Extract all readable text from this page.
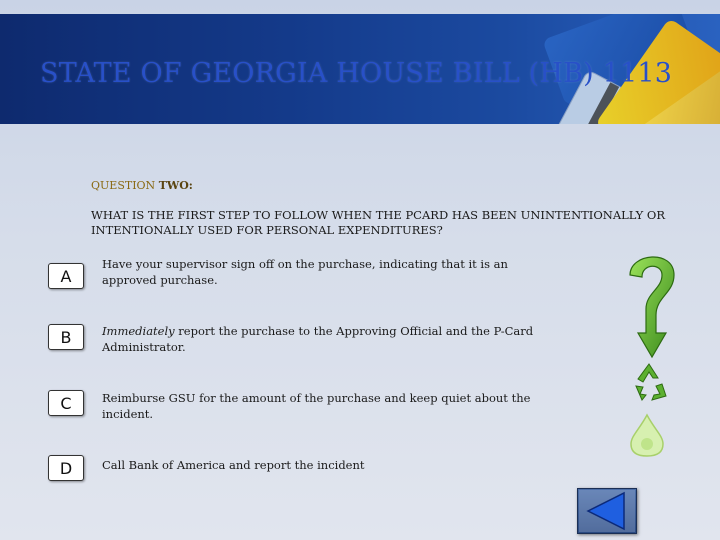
STATE OF GEORGIA HOUSE BILL (HB) 1113
QUESTION TWO:
WHAT IS THE FIRST STEP TO FOLLOW WHEN THE PCARD HAS BEEN UNINTENTIONALLY OR INTENTIONALLY USED FOR PERSONAL EXPENDITURES?
A
Have your supervisor sign off on the purchase, indicating that it is an approved purchase.
B	Immediately report the purchase to the Approving Official and the P-Card Administrator.
C	Reimburse GSU for the amount of the purchase and keep quiet about the incident.
D	Call Bank of America and report the incident
